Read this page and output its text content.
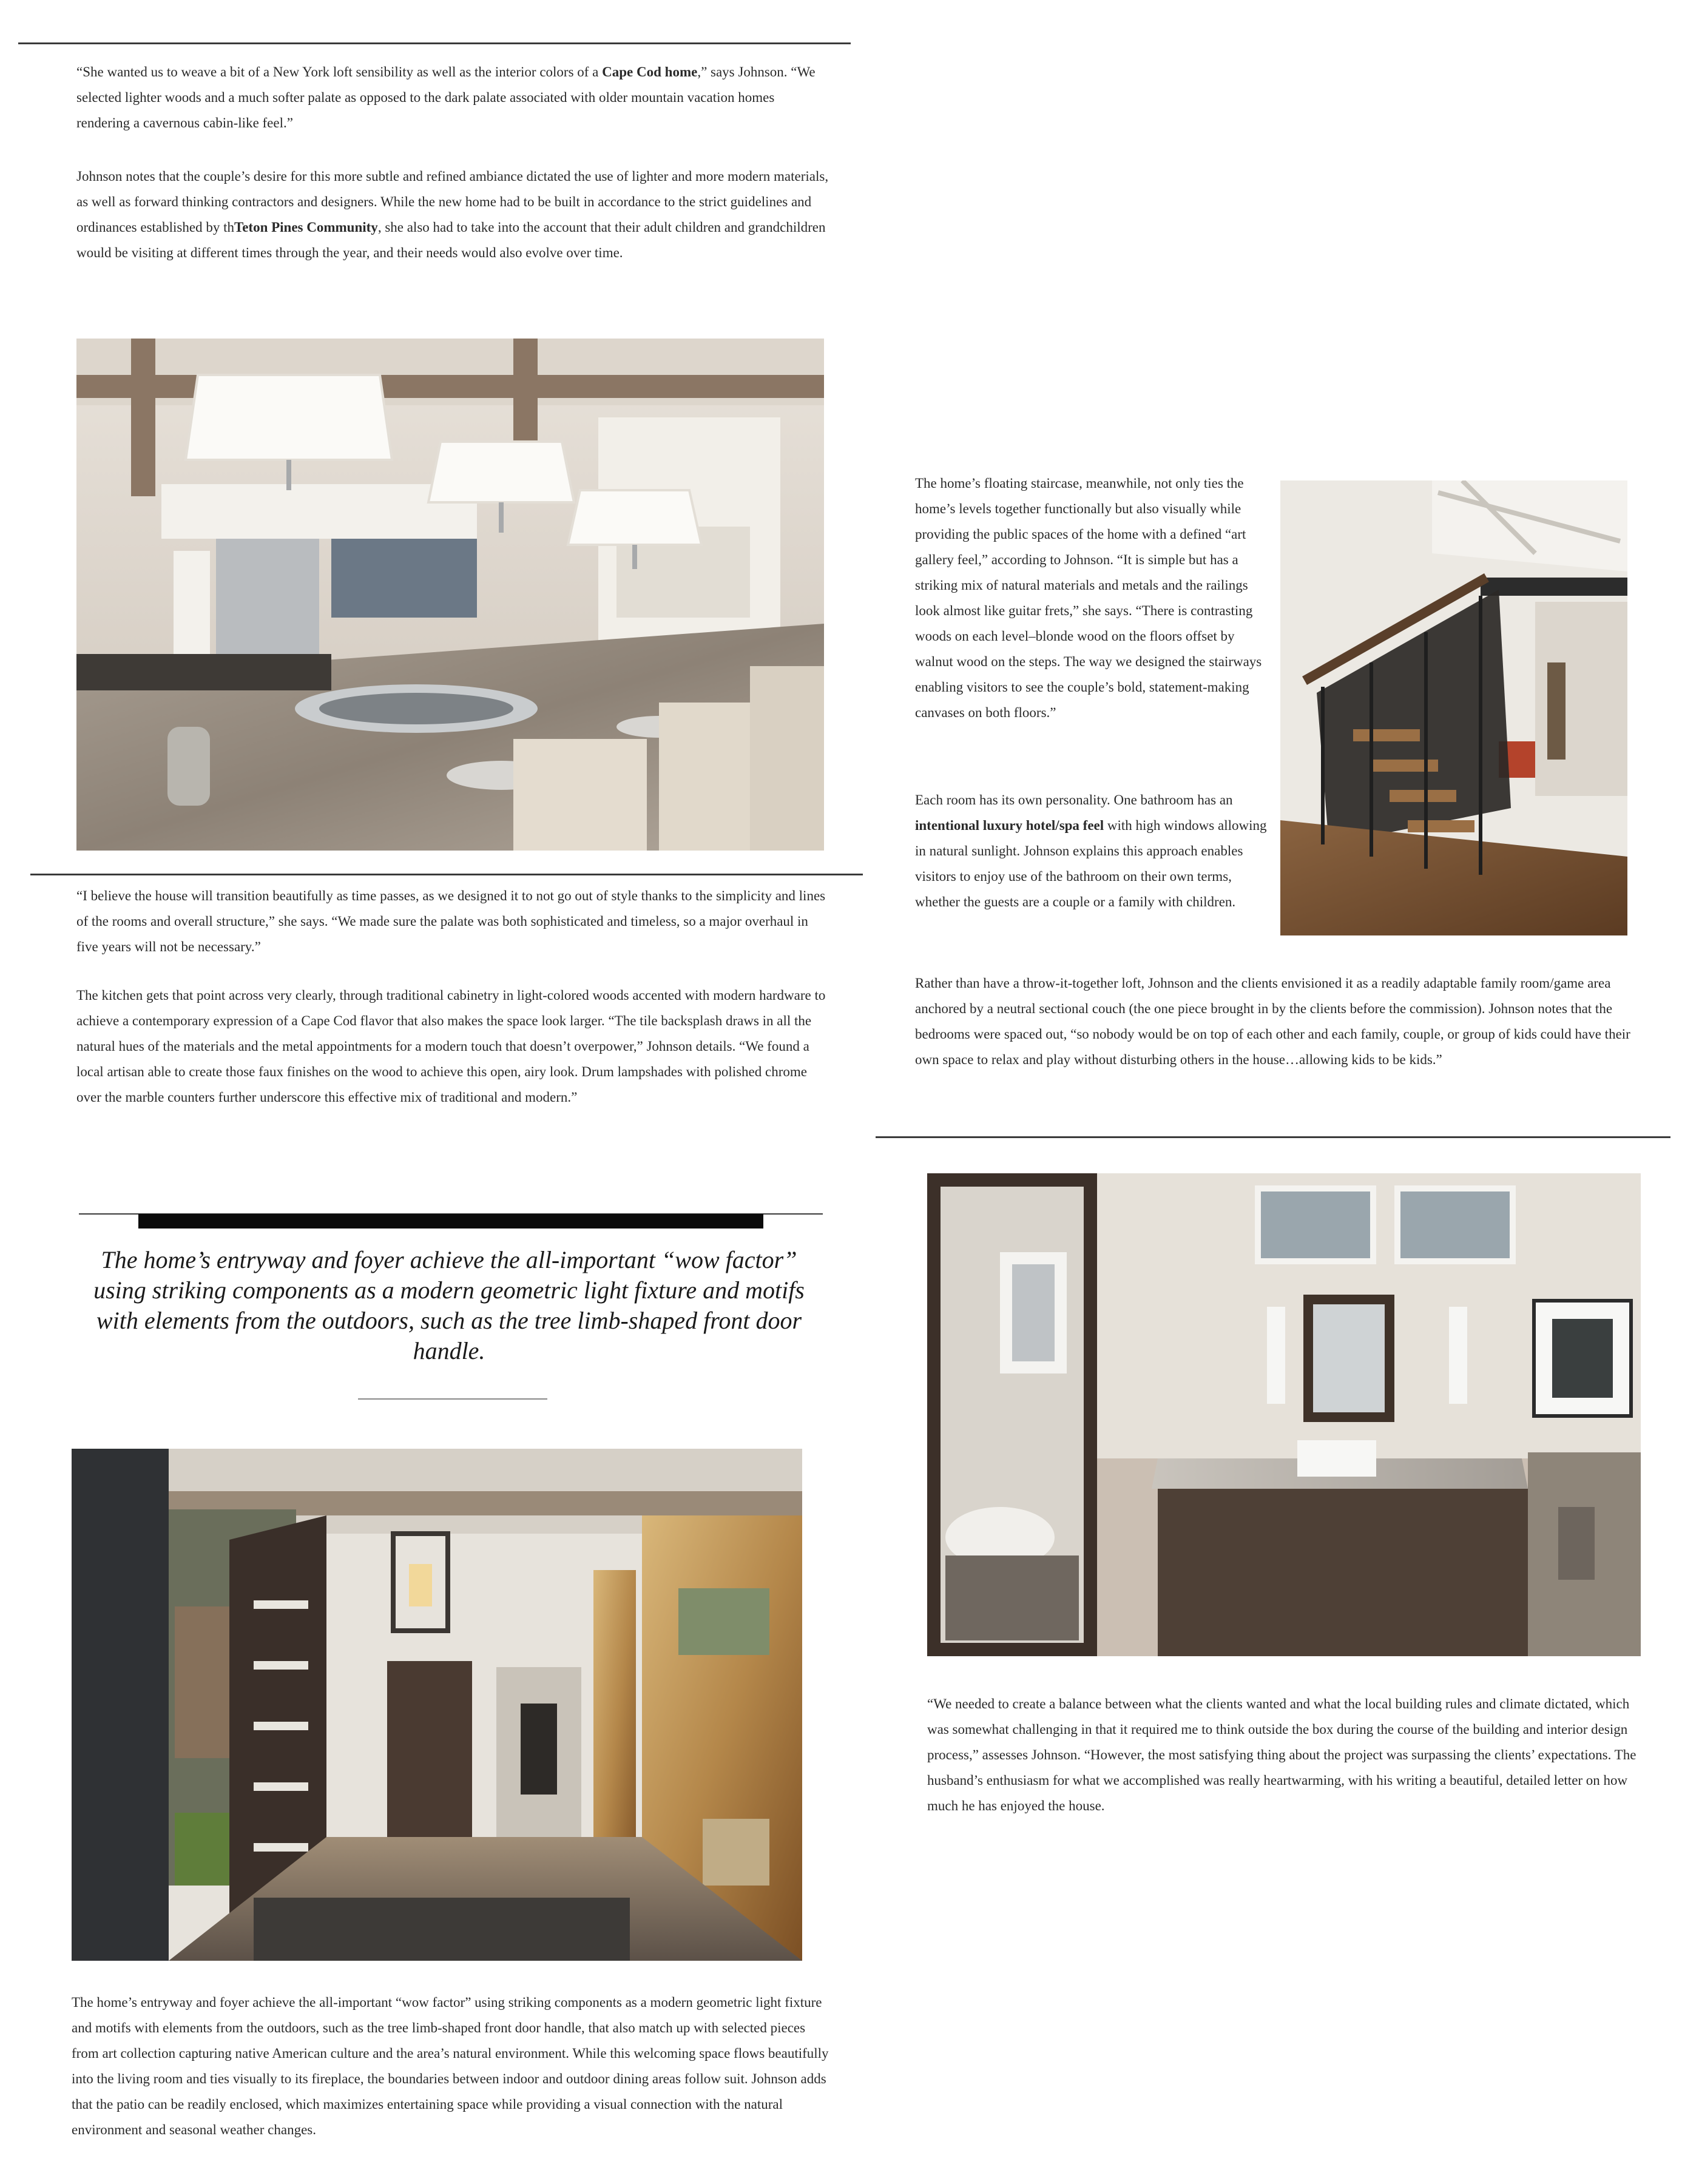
“She wanted us to weave a bit of a New York loft sensibility as well as the interior colors of a Cape Cod home,” says Johnson. “We selected lighter woods and a much softer palate as opposed to the dark palate associated with older mountain vacation homes rendering a cavernous cabin-like feel.”

Johnson notes that the couple’s desire for this more subtle and refined ambiance dictated the use of lighter and more modern materials, as well as forward thinking contractors and designers. While the new home had to be built in accordance to the strict guidelines and ordinances established by thTeton Pines Community, she also had to take into the account that their adult children and grandchildren would be visiting at different times through the year, and their needs would also evolve over time.

“I believe the house will transition beautifully as time passes, as we designed it to not go out of style thanks to the simplicity and lines of the rooms and overall structure,” she says. “We made sure the palate was both sophisticated and timeless, so a major overhaul in five years will not be necessary.”

The kitchen gets that point across very clearly, through traditional cabinetry in light-colored woods accented with modern hardware to achieve a contemporary expression of a Cape Cod flavor that also makes the space look larger. “The tile backsplash draws in all the natural hues of the materials and the metal appointments for a modern touch that doesn’t overpower,” Johnson details. “We found a local artisan able to create those faux finishes on the wood to achieve this open, airy look. Drum lampshades with polished chrome over the marble counters further underscore this effective mix of traditional and modern.”

The home’s entryway and foyer achieve the all-important “wow factor” using striking components as a modern geometric light fixture and motifs with elements from the outdoors, such as the tree limb-shaped front door handle.

The home’s entryway and foyer achieve the all-important “wow factor” using striking components as a modern geometric light fixture and motifs with elements from the outdoors, such as the tree limb-shaped front door handle, that also match up with selected pieces from art collection capturing native American culture and the area’s natural environment. While this welcoming space flows beautifully into the living room and ties visually to its fireplace, the boundaries between indoor and outdoor dining areas follow suit. Johnson adds that the patio can be readily enclosed, which maximizes entertaining space while providing a visual connection with the natural environment and seasonal weather changes.

The home’s floating staircase, meanwhile, not only ties the home’s levels together functionally but also visually while providing the public spaces of the home with a defined “art gallery feel,” according to Johnson. “It is simple but has a striking mix of natural materials and metals and the railings look almost like guitar frets,” she says. “There is contrasting woods on each level–blonde wood on the floors offset by walnut wood on the steps. The way we designed the stairways enabling visitors to see the couple’s bold, statement-making canvases on both floors.”

Each room has its own personality. One bathroom has an intentional luxury hotel/spa feel with high windows allowing in natural sunlight. Johnson explains this approach enables visitors to enjoy use of the bathroom on their own terms, whether the guests are a couple or a family with children.

Rather than have a throw-it-together loft, Johnson and the clients envisioned it as a readily adaptable family room/game area anchored by a neutral sectional couch (the one piece brought in by the clients before the commission). Johnson notes that the bedrooms were spaced out, “so nobody would be on top of each other and each family, couple, or group of kids could have their own space to relax and play without disturbing others in the house…allowing kids to be kids.”

“We needed to create a balance between what the clients wanted and what the local building rules and climate dictated, which was somewhat challenging in that it required me to think outside the box during the course of the building and interior design process,” assesses Johnson. “However, the most satisfying thing about the project was surpassing the clients’ expectations. The husband’s enthusiasm for what we accomplished was really heartwarming, with his writing a beautiful, detailed letter on how much he has enjoyed the house.
